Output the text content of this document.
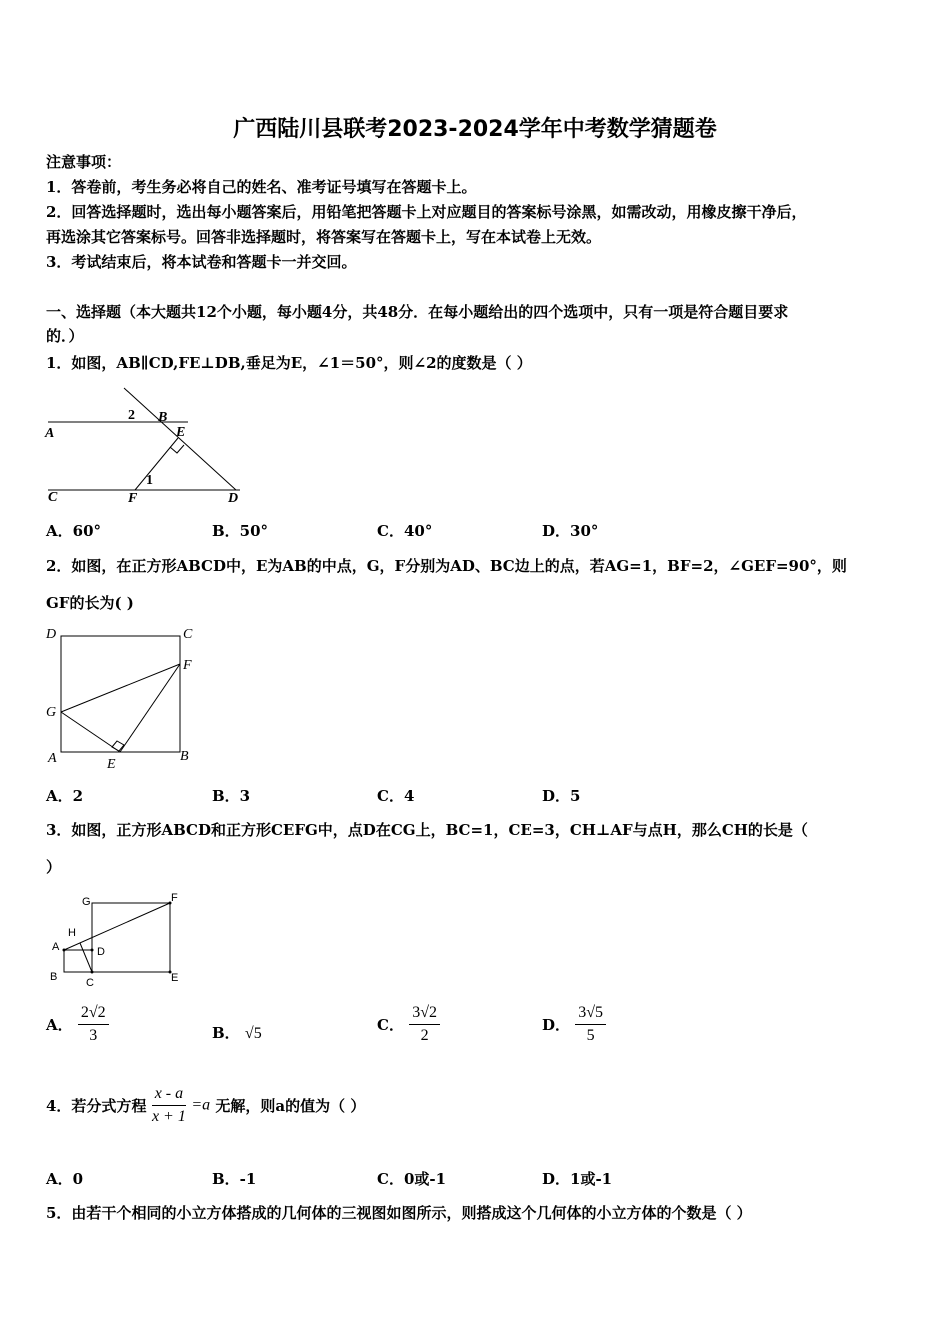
广西陆川县联考2023-2024学年中考数学猜题卷
注意事项：
1．答卷前，考生务必将自己的姓名、准考证号填写在答题卡上。
2．回答选择题时，选出每小题答案后，用铅笔把答题卡上对应题目的答案标号涂黑，如需改动，用橡皮擦干净后，
再选涂其它答案标号。回答非选择题时，将答案写在答题卡上，写在本试卷上无效。
3．考试结束后，将本试卷和答题卡一并交回。
一、选择题（本大题共12个小题，每小题4分，共48分．在每小题给出的四个选项中，只有一项是符合题目要求
的．）
1．如图，AB∥CD,FE⊥DB,垂足为E，∠1＝50°，则∠2的度数是（ ）
A
B
C	D
E
F
1
2
A．60°	B．50°	C．40°	D．30°
2．如图，在正方形ABCD中，E为AB的中点，G，F分别为AD、BC边上的点，若AG=1，BF=2，∠GEF=90°，则
GF的长为( )
D	C
F
G
A	B
E
A．2	B．3	C．4	D．5
3．如图，正方形ABCD和正方形CEFG中，点D在CG上，BC=1，CE=3，CH⊥AF与点H，那么CH的长是（
）
G	F
H
A	D
B	C	E
A． $\frac{2√2}{3}$	B． √5	C． $\frac{3√2}{2}$	D． $\frac{3√5}{5}$
4．若分式方程 $\frac{x - a}{x + 1} =a$ 无解，则a的值为（ ）
A．0	B．-1	C．0或-1	D．1或-1
5．由若干个相同的小立方体搭成的几何体的三视图如图所示，则搭成这个几何体的小立方体的个数是（ ）
